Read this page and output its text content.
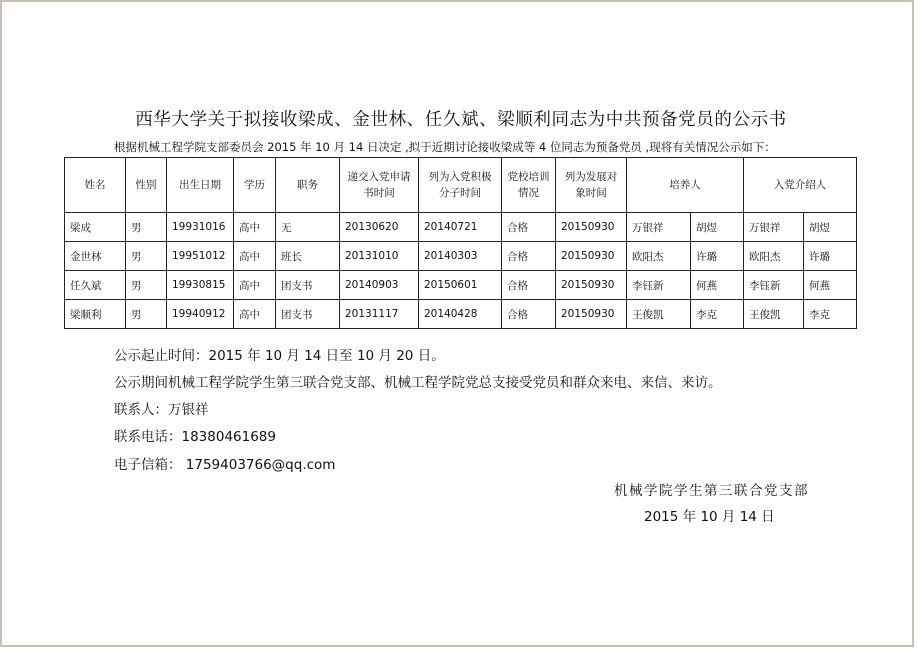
西华大学关于拟接收梁成、金世林、任久斌、梁顺利同志为中共预备党员的公示书
根据机械工程学院支部委员会 2015 年 10 月 14 日决定 ,拟于近期讨论接收梁成等 4 位同志为预备党员 ,现将有关情况公示如下：
姓名	性别	出生日期	学历	职务	递交入党申请书时间	列为入党积极分子时间	党校培训情况	列为发展对象时间	培养人		入党介绍人	
梁成	男	19931016	高中	无	20130620	20140721	合格	20150930	万银祥	胡煜	万银祥	胡煜
金世林	男	19951012	高中	班长	20131010	20140303	合格	20150930	欧阳杰	许璐	欧阳杰	许璐
任久斌	男	19930815	高中	团支书	20140903	20150601	合格	20150930	李钰新	何燕	李钰新	何燕
梁顺利	男	19940912	高中	团支书	20131117	20140428	合格	20150930	王俊凯	李克	王俊凯	李克
公示起止时间：2015 年 10 月 14 日至 10 月 20 日。
公示期间机械工程学院学生第三联合党支部、机械工程学院党总支接受党员和群众来电、来信、来访。
联系人：万银祥
联系电话：18380461689
电子信箱： 1759403766@qq.com
机械学院学生第三联合党支部
2015 年 10 月 14 日
